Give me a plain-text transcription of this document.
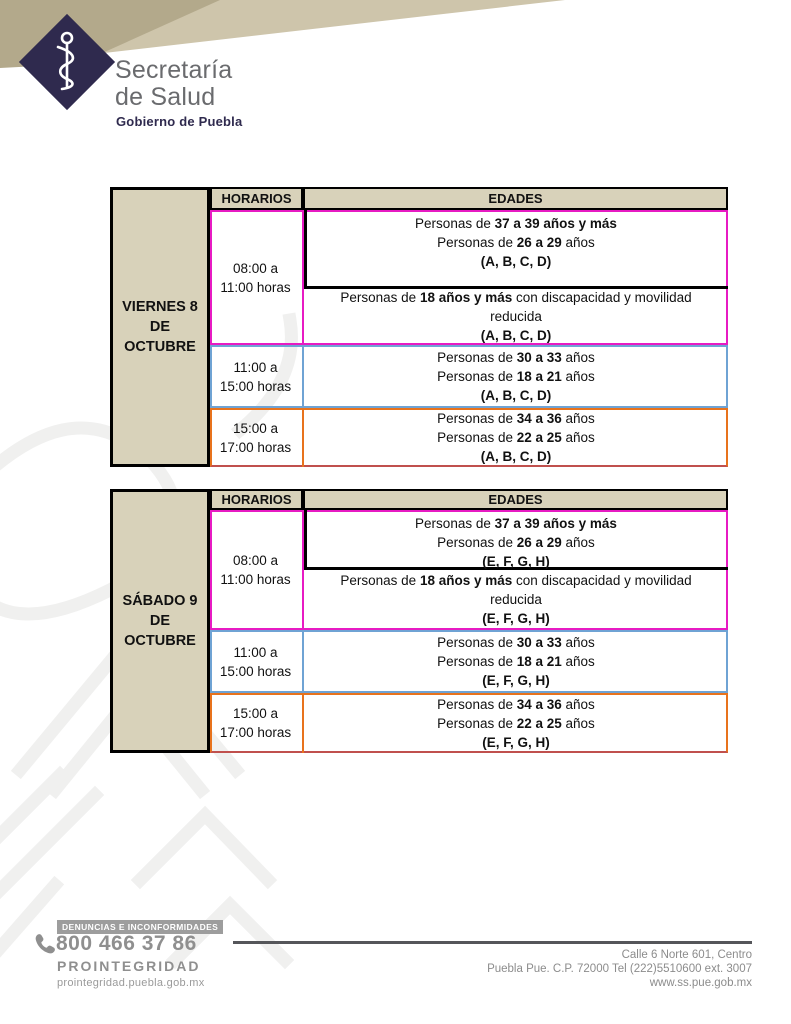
Secretaría
de Salud
Gobierno de Puebla
VIERNES 8
DE OCTUBRE
HORARIOS	EDADES
08:00 a
11:00 horas
11:00 a
15:00 horas
15:00 a
17:00 horas
Personas de 37 a 39 años y más
Personas de 26 a 29 años
(A, B, C, D)
Personas de 18 años y más con discapacidad y movilidad reducida
(A, B, C, D)
Personas de 30 a 33 años
Personas de 18 a 21 años
(A, B, C, D)
Personas de 34 a 36 años
Personas de 22 a 25 años
(A, B, C, D)
SÁBADO 9
DE OCTUBRE
HORARIOS	EDADES
08:00 a
11:00 horas
11:00 a
15:00 horas
15:00 a
17:00 horas
Personas de 37 a 39 años y más
Personas de 26 a 29 años
(E, F, G, H)
Personas de 18 años y más con discapacidad y movilidad reducida
(E, F, G, H)
Personas de 30 a 33 años
Personas de 18 a 21 años
(E, F, G, H)
Personas de 34 a 36 años
Personas de 22 a 25 años
(E, F, G, H)
DENUNCIAS E INCONFORMIDADES
800 466 37 86
PROINTEGRIDAD
prointegridad.puebla.gob.mx
Calle 6 Norte 601, Centro
Puebla Pue. C.P. 72000 Tel (222)5510600 ext. 3007
www.ss.pue.gob.mx
